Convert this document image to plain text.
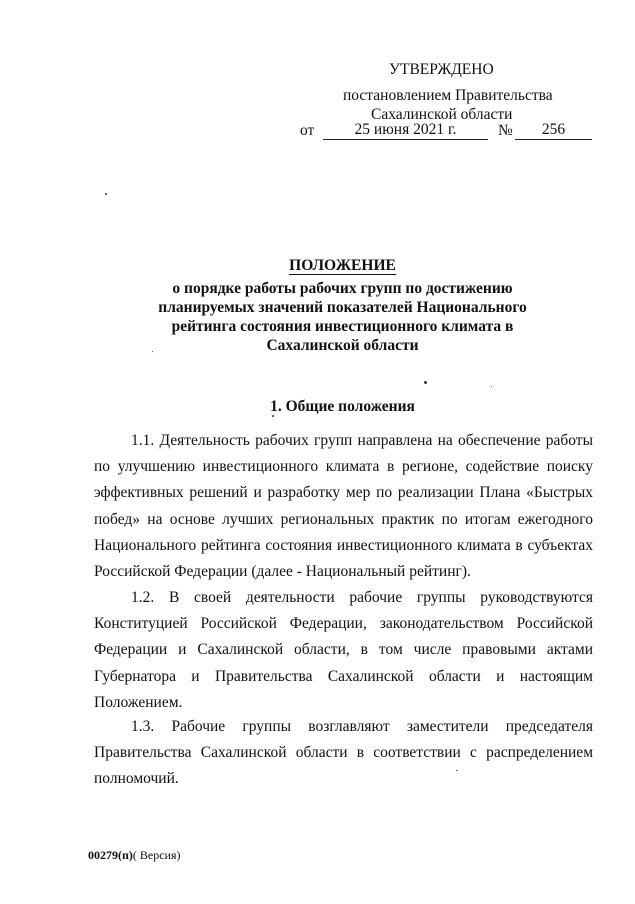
УТВЕРЖДЕНО
постановлением Правительства
Сахалинской области
от	25 июня 2021 г.	№	256
ПОЛОЖЕНИЕ
о порядке работы рабочих групп по достижению
планируемых значений показателей Национального
рейтинга состояния инвестиционного климата в
Сахалинской области
1. Общие положения

1.1. Деятельность рабочих групп направлена на обеспечение работы по улучшению инвестиционного климата в регионе, содействие поиску эффективных решений и разработку мер по реализации Плана «Быстрых побед» на основе лучших региональных практик по итогам ежегодного Национального рейтинга состояния инвестиционного климата в субъектах Российской Федерации (далее - Национальный рейтинг).

1.2. В своей деятельности рабочие группы руководствуются Конституцией Российской Федерации, законодательством Российской Федерации и Сахалинской области, в том числе правовыми актами Губернатора и Правительства Сахалинской области и настоящим Положением.

1.3. Рабочие группы возглавляют заместители председателя Правительства Сахалинской области в соответствии с распределением полномочий.

00279(п)( Версия)
